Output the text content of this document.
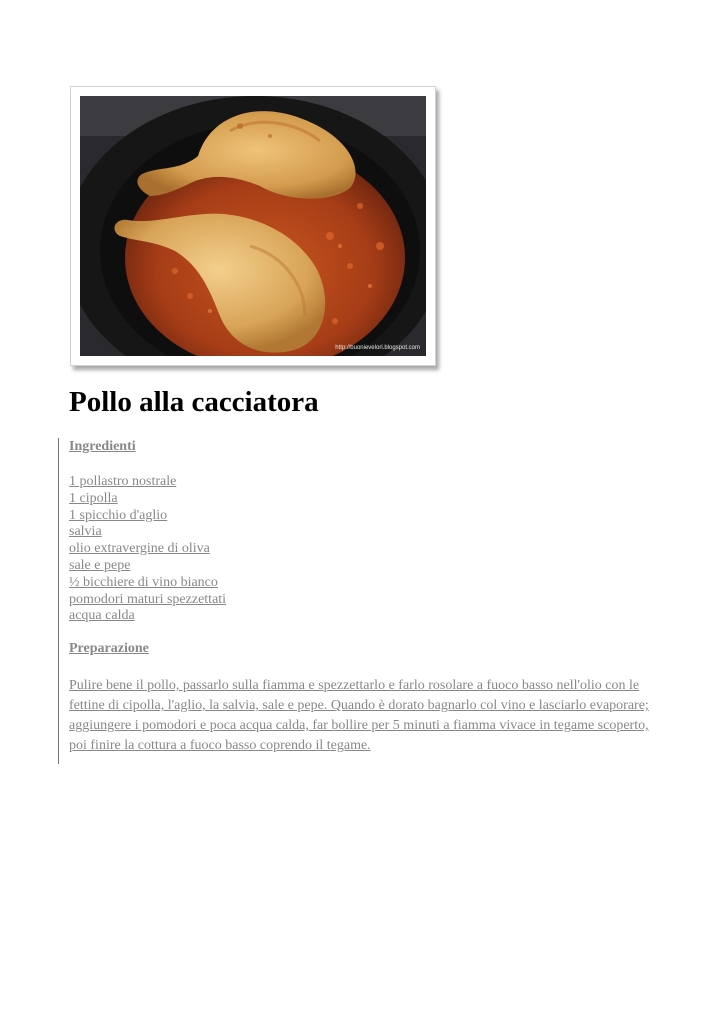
http://buonievelori.blogspot.com
Pollo alla cacciatora

Ingredienti

1 pollastro nostrale
1 cipolla
1 spicchio d'aglio
salvia
olio extravergine di oliva
sale e pepe
½ bicchiere di vino bianco
pomodori maturi spezzettati
acqua calda

Preparazione

Pulire bene il pollo, passarlo sulla fiamma e spezzettarlo e farlo rosolare a fuoco basso nell'olio con le fettine di cipolla, l'aglio, la salvia, sale e pepe. Quando è dorato bagnarlo col vino e lasciarlo evaporare; aggiungere i pomodori e poca acqua calda, far bollire per 5 minuti a fiamma vivace in tegame scoperto, poi finire la cottura a fuoco basso coprendo il tegame.
